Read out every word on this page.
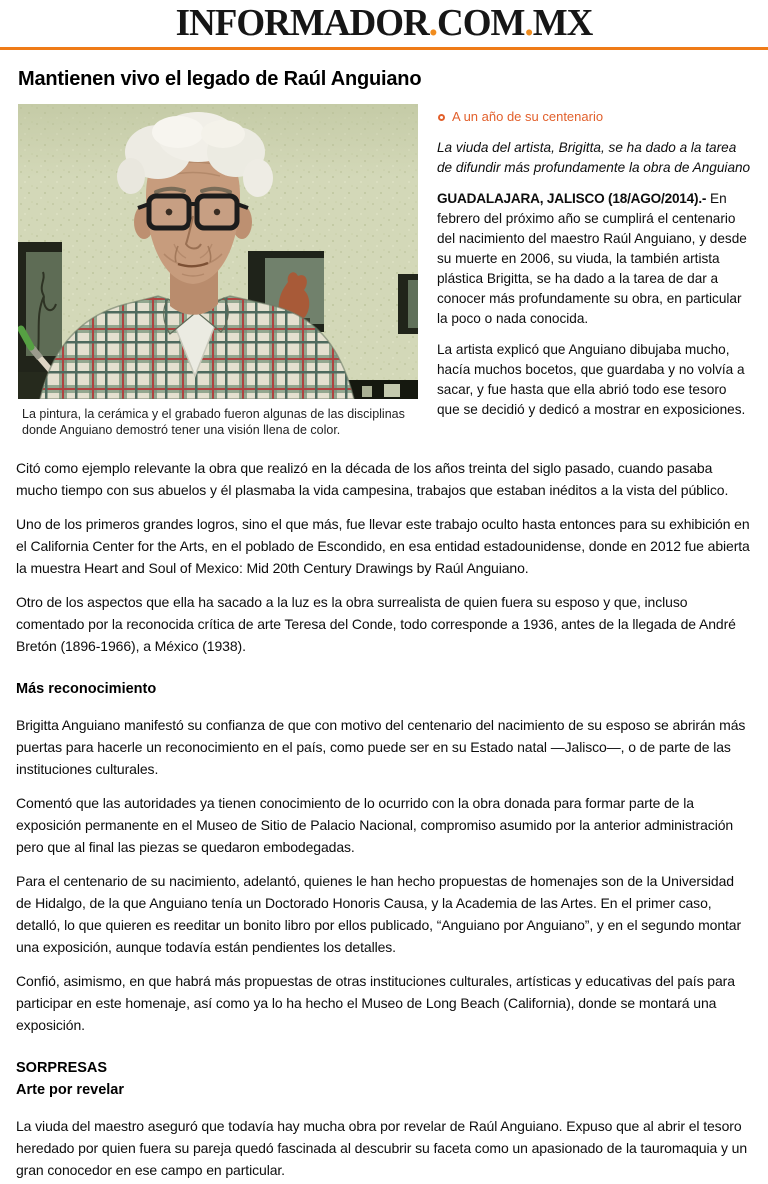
INFORMADOR.COM.MX
Mantienen vivo el legado de Raúl Anguiano
La pintura, la cerámica y el grabado fueron algunas de las disciplinas donde Anguiano demostró tener una visión llena de color.
A un año de su centenario

La viuda del artista, Brigitta, se ha dado a la tarea de difundir más profundamente la obra de Anguiano

GUADALAJARA, JALISCO (18/AGO/2014).- En febrero del próximo año se cumplirá el centenario del nacimiento del maestro Raúl Anguiano, y desde su muerte en 2006, su viuda, la también artista plástica Brigitta, se ha dado a la tarea de dar a conocer más profundamente su obra, en particular la poco o nada conocida.

La artista explicó que Anguiano dibujaba mucho, hacía muchos bocetos, que guardaba y no volvía a sacar, y fue hasta que ella abrió todo ese tesoro que se decidió y dedicó a mostrar en exposiciones.

Citó como ejemplo relevante la obra que realizó en la década de los años treinta del siglo pasado, cuando pasaba mucho tiempo con sus abuelos y él plasmaba la vida campesina, trabajos que estaban inéditos a la vista del público.

Uno de los primeros grandes logros, sino el que más, fue llevar este trabajo oculto hasta entonces para su exhibición en el California Center for the Arts, en el poblado de Escondido, en esa entidad estadounidense, donde en 2012 fue abierta la muestra Heart and Soul of Mexico: Mid 20th Century Drawings by Raúl Anguiano.

Otro de los aspectos que ella ha sacado a la luz es la obra surrealista de quien fuera su esposo y que, incluso comentado por la reconocida crítica de arte Teresa del Conde, todo corresponde a 1936, antes de la llegada de André Bretón (1896-1966), a México (1938).

Más reconocimiento

Brigitta Anguiano manifestó su confianza de que con motivo del centenario del nacimiento de su esposo se abrirán más puertas para hacerle un reconocimiento en el país, como puede ser en su Estado natal —Jalisco—, o de parte de las instituciones culturales.

Comentó que las autoridades ya tienen conocimiento de lo ocurrido con la obra donada para formar parte de la exposición permanente en el Museo de Sitio de Palacio Nacional, compromiso asumido por la anterior administración pero que al final las piezas se quedaron embodegadas.

Para el centenario de su nacimiento, adelantó, quienes le han hecho propuestas de homenajes son de la Universidad de Hidalgo, de la que Anguiano tenía un Doctorado Honoris Causa, y la Academia de las Artes. En el primer caso, detalló, lo que quieren es reeditar un bonito libro por ellos publicado, “Anguiano por Anguiano”, y en el segundo montar una exposición, aunque todavía están pendientes los detalles.

Confió, asimismo, en que habrá más propuestas de otras instituciones culturales, artísticas y educativas del país para participar en este homenaje, así como ya lo ha hecho el Museo de Long Beach (California), donde se montará una exposición.

SORPRESAS
Arte por revelar

La viuda del maestro aseguró que todavía hay mucha obra por revelar de Raúl Anguiano. Expuso que al abrir el tesoro heredado por quien fuera su pareja quedó fascinada al descubrir su faceta como un apasionado de la tauromaquia y un gran conocedor en ese campo en particular.
